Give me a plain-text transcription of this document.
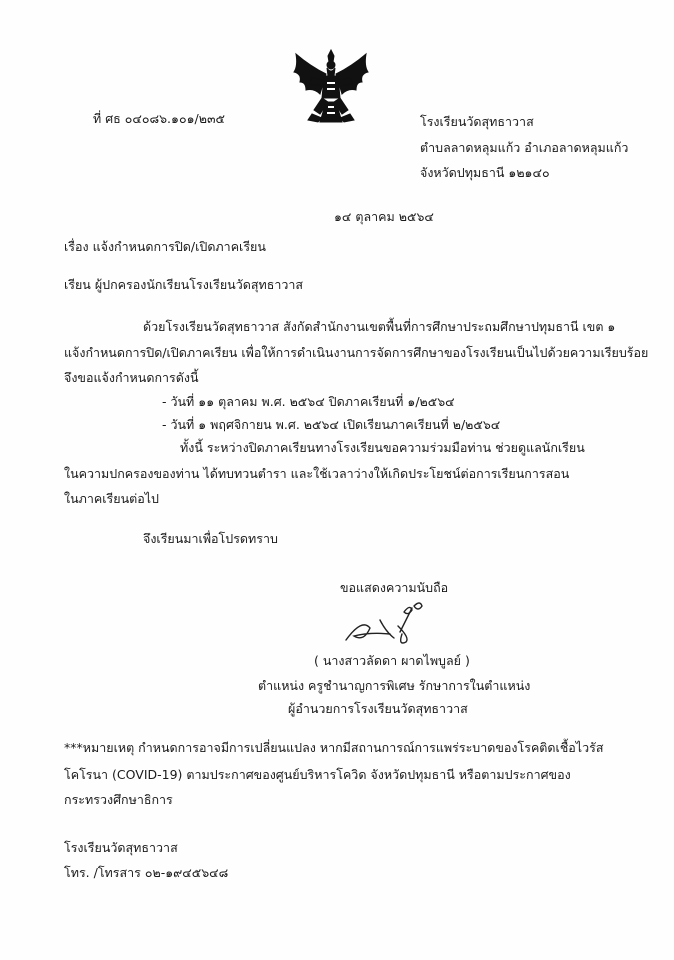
ที่ ศธ ๐๔๐๘๖.๑๐๑/๒๓๕	โรงเรียนวัดสุทธาวาส
ตำบลลาดหลุมแก้ว อำเภอลาดหลุมแก้ว
จังหวัดปทุมธานี ๑๒๑๔๐
๑๔ ตุลาคม ๒๕๖๔
เรื่อง แจ้งกำหนดการปิด/เปิดภาคเรียน
เรียน ผู้ปกครองนักเรียนโรงเรียนวัดสุทธาวาส
ด้วยโรงเรียนวัดสุทธาวาส สังกัดสำนักงานเขตพื้นที่การศึกษาประถมศึกษาปทุมธานี เขต ๑
แจ้งกำหนดการปิด/เปิดภาคเรียน เพื่อให้การดำเนินงานการจัดการศึกษาของโรงเรียนเป็นไปด้วยความเรียบร้อย
จึงขอแจ้งกำหนดการดังนี้
- วันที่ ๑๑ ตุลาคม พ.ศ. ๒๕๖๔ ปิดภาคเรียนที่ ๑/๒๕๖๔
- วันที่ ๑ พฤศจิกายน พ.ศ. ๒๕๖๔ เปิดเรียนภาคเรียนที่ ๒/๒๕๖๔
ทั้งนี้ ระหว่างปิดภาคเรียนทางโรงเรียนขอความร่วมมือท่าน ช่วยดูแลนักเรียน
ในความปกครองของท่าน ได้ทบทวนตำรา และใช้เวลาว่างให้เกิดประโยชน์ต่อการเรียนการสอน
ในภาคเรียนต่อไป
จึงเรียนมาเพื่อโปรดทราบ
ขอแสดงความนับถือ
( นางสาวลัดดา ผาดไพบูลย์ )
ตำแหน่ง ครูชำนาญการพิเศษ รักษาการในตำแหน่ง
ผู้อำนวยการโรงเรียนวัดสุทธาวาส
***หมายเหตุ กำหนดการอาจมีการเปลี่ยนแปลง หากมีสถานการณ์การแพร่ระบาดของโรคติดเชื้อไวรัส
โคโรนา (COVID-19) ตามประกาศของศูนย์บริหารโควิด จังหวัดปทุมธานี หรือตามประกาศของ
กระทรวงศึกษาธิการ
โรงเรียนวัดสุทธาวาส
โทร. /โทรสาร ๐๒-๑๙๔๕๖๔๘
